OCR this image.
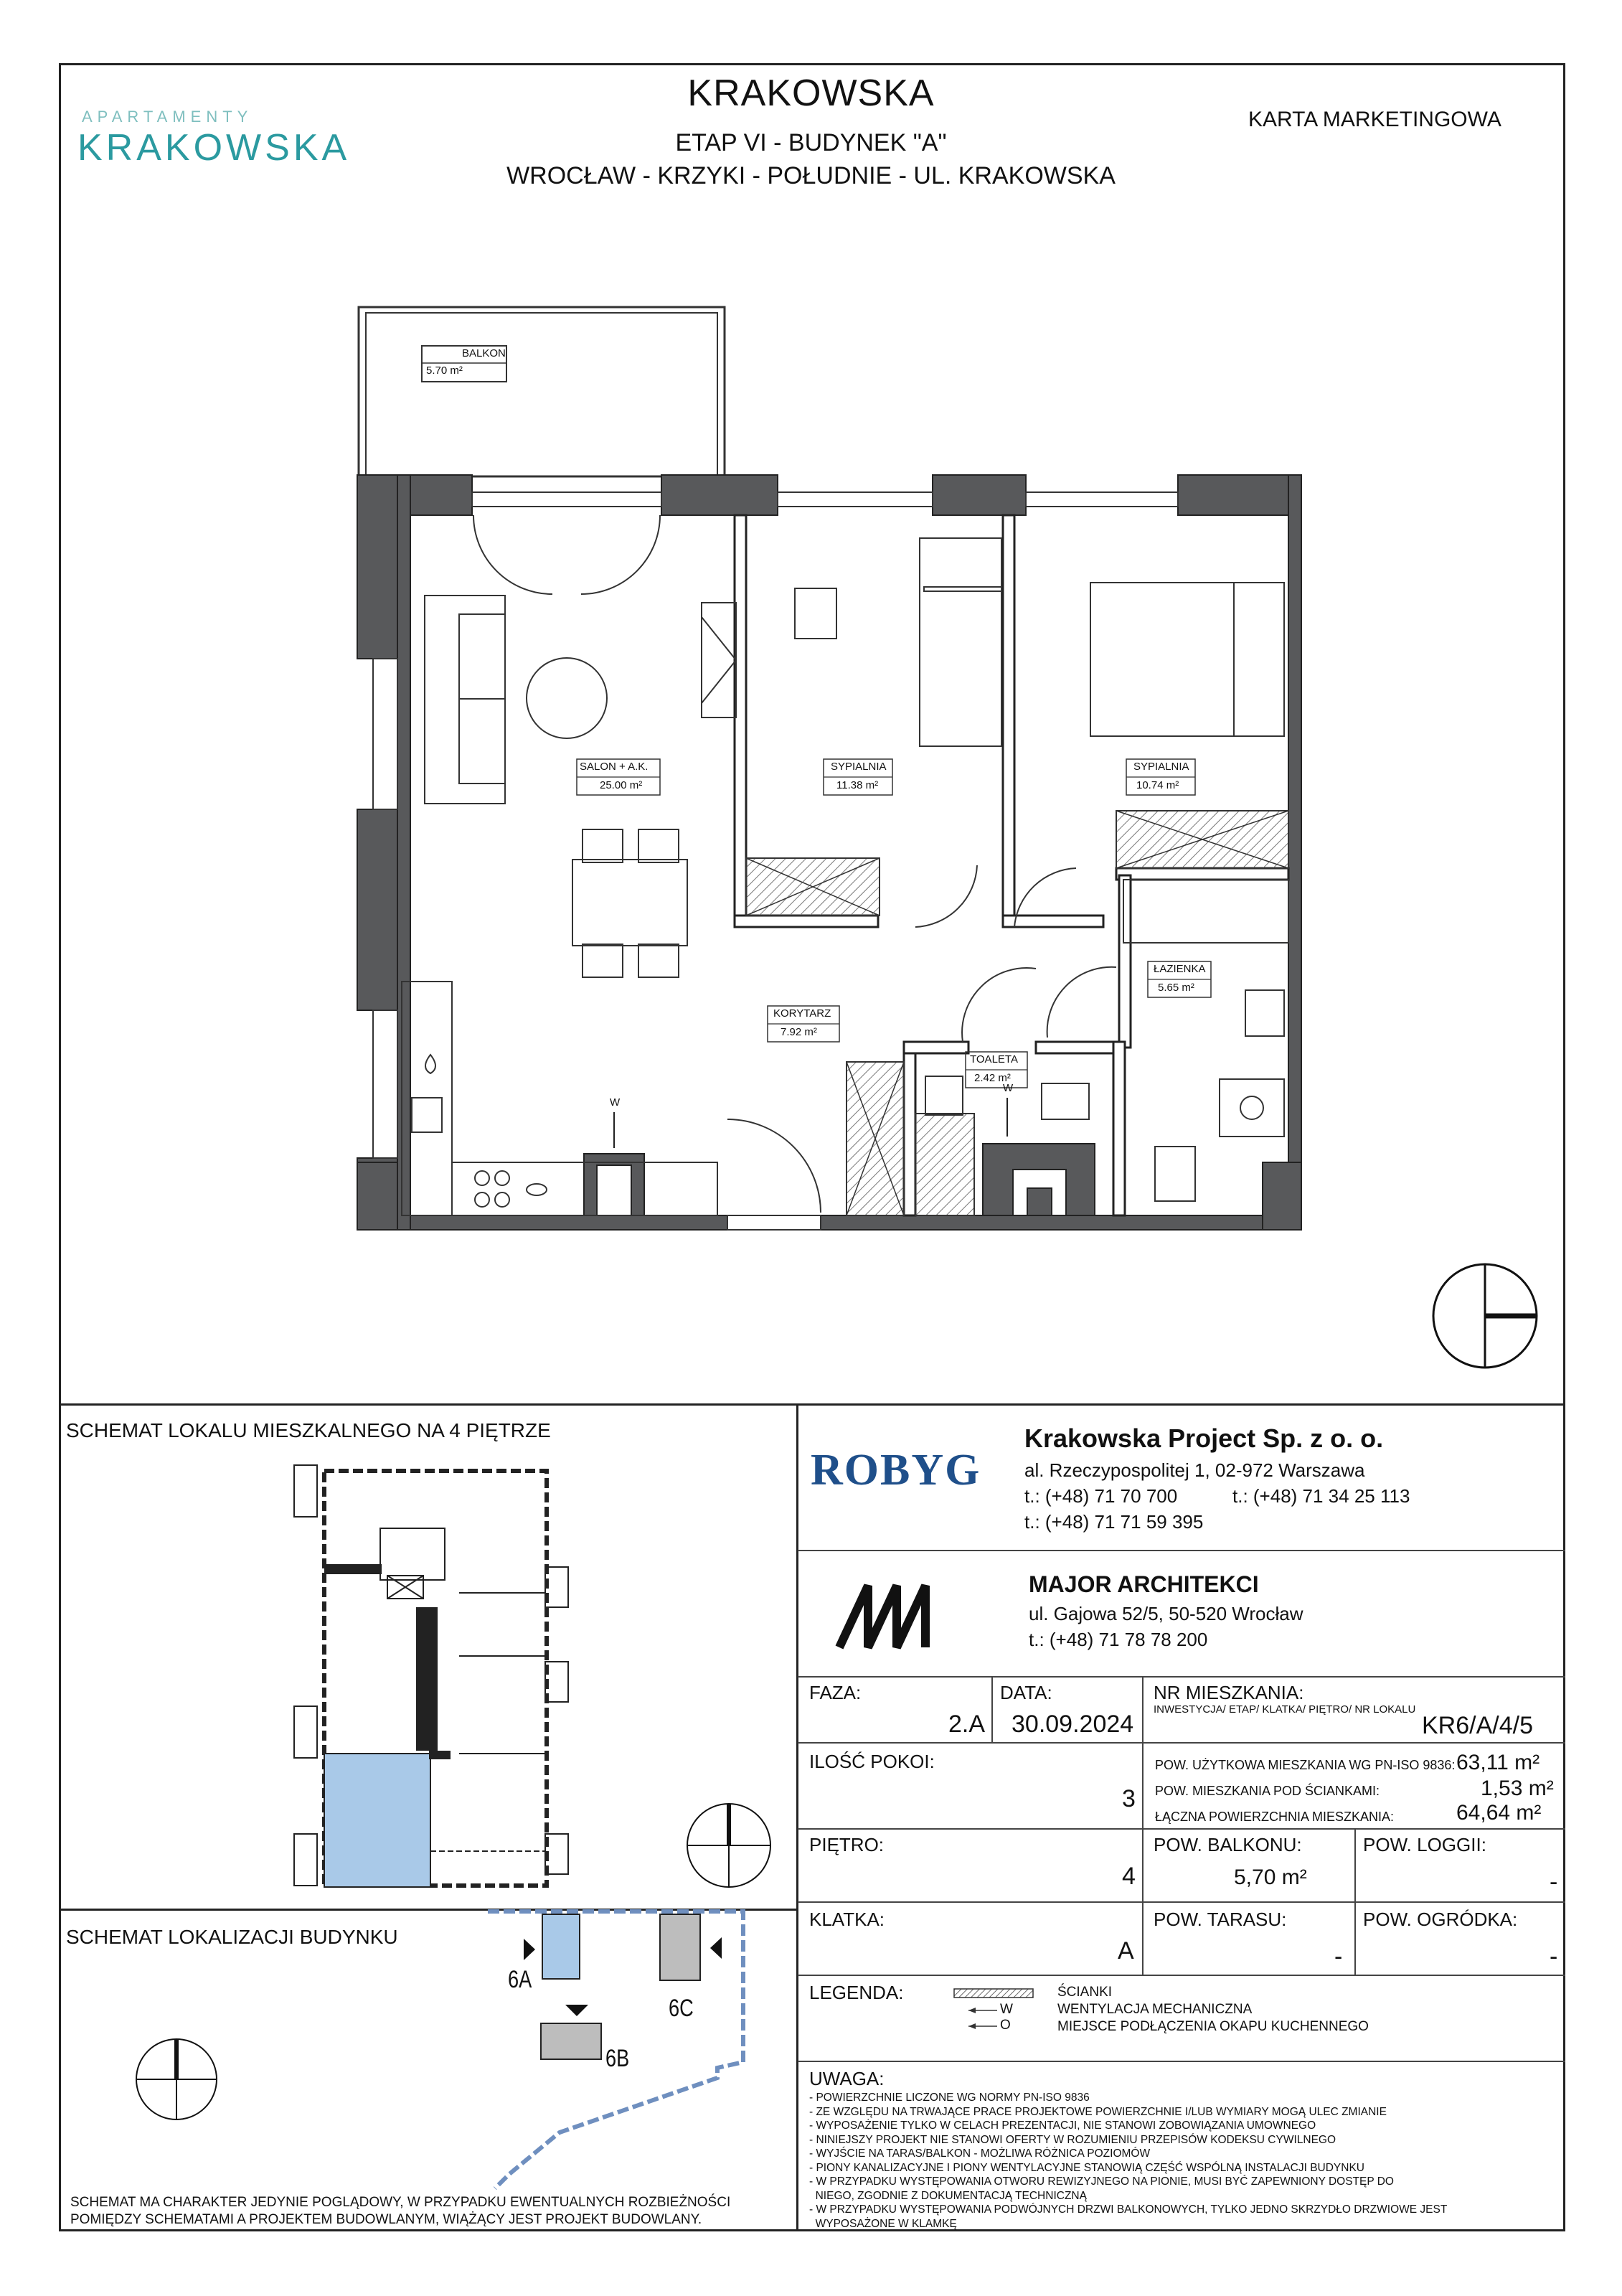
APARTAMENTY
KRAKOWSKA
KRAKOWSKA
ETAP VI - BUDYNEK "A"
WROCŁAW - KRZYKI - POŁUDNIE - UL. KRAKOWSKA
KARTA MARKETINGOWA
BALKON
5.70 m²
SALON + A.K.
25.00 m²
SYPIALNIA
11.38 m²
SYPIALNIA
10.74 m²
ŁAZIENKA
5.65 m²
KORYTARZ
7.92 m²
TOALETA
2.42 m²
W
W
SCHEMAT LOKALU MIESZKALNEGO NA 4 PIĘTRZE
SCHEMAT LOKALIZACJI BUDYNKU
6A
6B
6C
SCHEMAT MA CHARAKTER JEDYNIE POGLĄDOWY, W PRZYPADKU EWENTUALNYCH ROZBIEŻNOŚCI POMIĘDZY SCHEMATAMI A PROJEKTEM BUDOWLANYM, WIĄŻĄCY JEST PROJEKT BUDOWLANY.
ROBYG
Krakowska Project Sp. z o. o.
al. Rzeczypospolitej 1, 02-972 Warszawa
t.: (+48) 71 70 700	t.: (+48) 71 34 25 113
t.: (+48) 71 71 59 395
MAJOR ARCHITEKCI
ul. Gajowa 52/5, 50-520 Wrocław
t.: (+48) 71 78 78 200
FAZA:
2.A
DATA:
30.09.2024
NR MIESZKANIA:
INWESTYCJA/ ETAP/ KLATKA/ PIĘTRO/ NR LOKALU
KR6/A/4/5
ILOŚĆ POKOI:
3
POW. UŻYTKOWA MIESZKANIA WG PN-ISO 9836: 63,11 m²
POW. MIESZKANIA POD ŚCIANKAMI:	1,53 m²
ŁĄCZNA POWIERZCHNIA MIESZKANIA:	64,64 m²
PIĘTRO:
4
POW. BALKONU:
5,70 m²
POW. LOGGII:
-
KLATKA:
A
POW. TARASU:
-
POW. OGRÓDKA:
-
LEGENDA:
W
O
ŚCIANKI
WENTYLACJA MECHANICZNA
MIEJSCE PODŁĄCZENIA OKAPU KUCHENNEGO
UWAGA:
- POWIERZCHNIE LICZONE WG NORMY PN-ISO 9836
- ZE WZGLĘDU NA TRWAJĄCE PRACE PROJEKTOWE POWIERZCHNIE I/LUB WYMIARY MOGĄ ULEC ZMIANIE
- WYPOSAŻENIE TYLKO W CELACH PREZENTACJI, NIE STANOWI ZOBOWIĄZANIA UMOWNEGO
- NINIEJSZY PROJEKT NIE STANOWI OFERTY W ROZUMIENIU PRZEPISÓW KODEKSU CYWILNEGO
- WYJŚCIE NA TARAS/BALKON - MOŻLIWA RÓŻNICA POZIOMÓW
- PIONY KANALIZACYJNE I PIONY WENTYLACYJNE STANOWIĄ CZĘŚĆ WSPÓLNĄ INSTALACJI BUDYNKU
- W PRZYPADKU WYSTĘPOWANIA OTWORU REWIZYJNEGO NA PIONIE, MUSI BYĆ ZAPEWNIONY DOSTĘP DO
NIEGO, ZGODNIE Z DOKUMENTACJĄ TECHNICZNĄ
- W PRZYPADKU WYSTĘPOWANIA PODWÓJNYCH DRZWI BALKONOWYCH, TYLKO JEDNO SKRZYDŁO DRZWIOWE JEST
WYPOSAŻONE W KLAMKĘ
